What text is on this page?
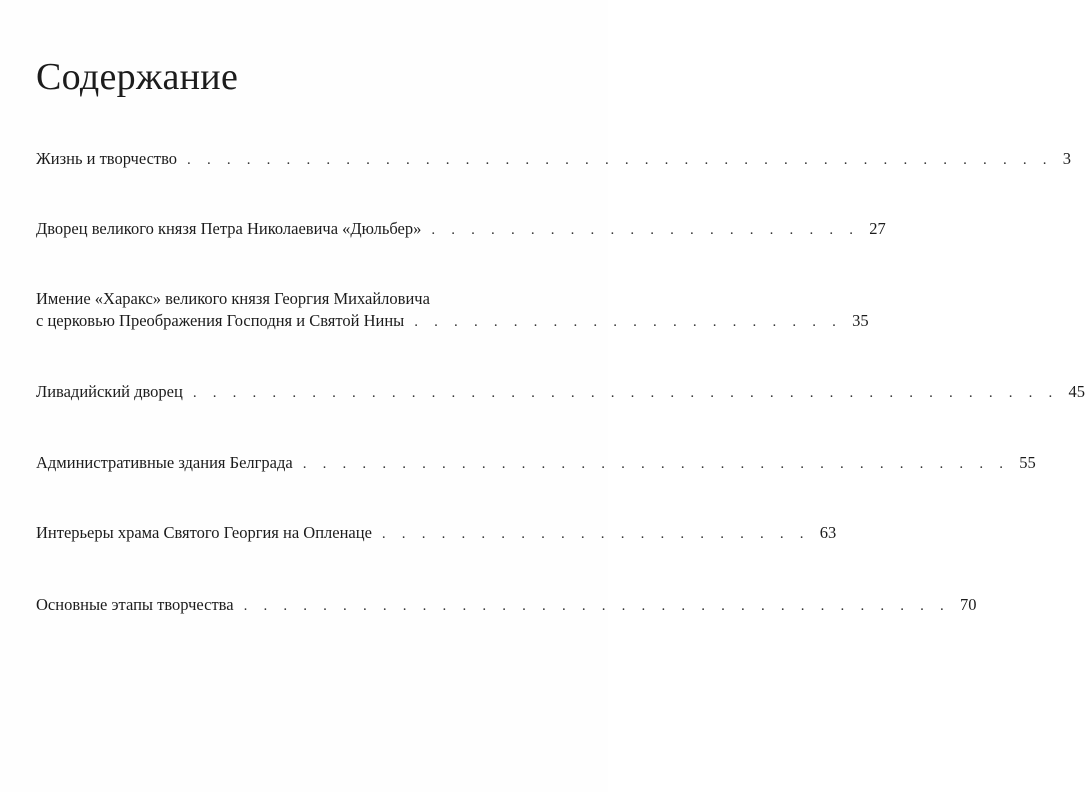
Содержание
Жизнь и творчество . . . . . . . . . . . . . . . . . . . . . . . . . . . . . . . . . . . . . . . . . . . . 3
Дворец великого князя Петра Николаевича «Дюльбер» . . . . . . . . . . . . . . . . . . . . . . 27
Имение «Харакс» великого князя Георгия Михайловича
с церковью Преображения Господня и Святой Нины . . . . . . . . . . . . . . . . . . . . . . 35
Ливадийский дворец . . . . . . . . . . . . . . . . . . . . . . . . . . . . . . . . . . . . . . . . . . . . 45
Административные здания Белграда . . . . . . . . . . . . . . . . . . . . . . . . . . . . . . . . . . . . 55
Интерьеры храма Святого Георгия на Опленаце . . . . . . . . . . . . . . . . . . . . . . 63
Основные этапы творчества . . . . . . . . . . . . . . . . . . . . . . . . . . . . . . . . . . . . 70
